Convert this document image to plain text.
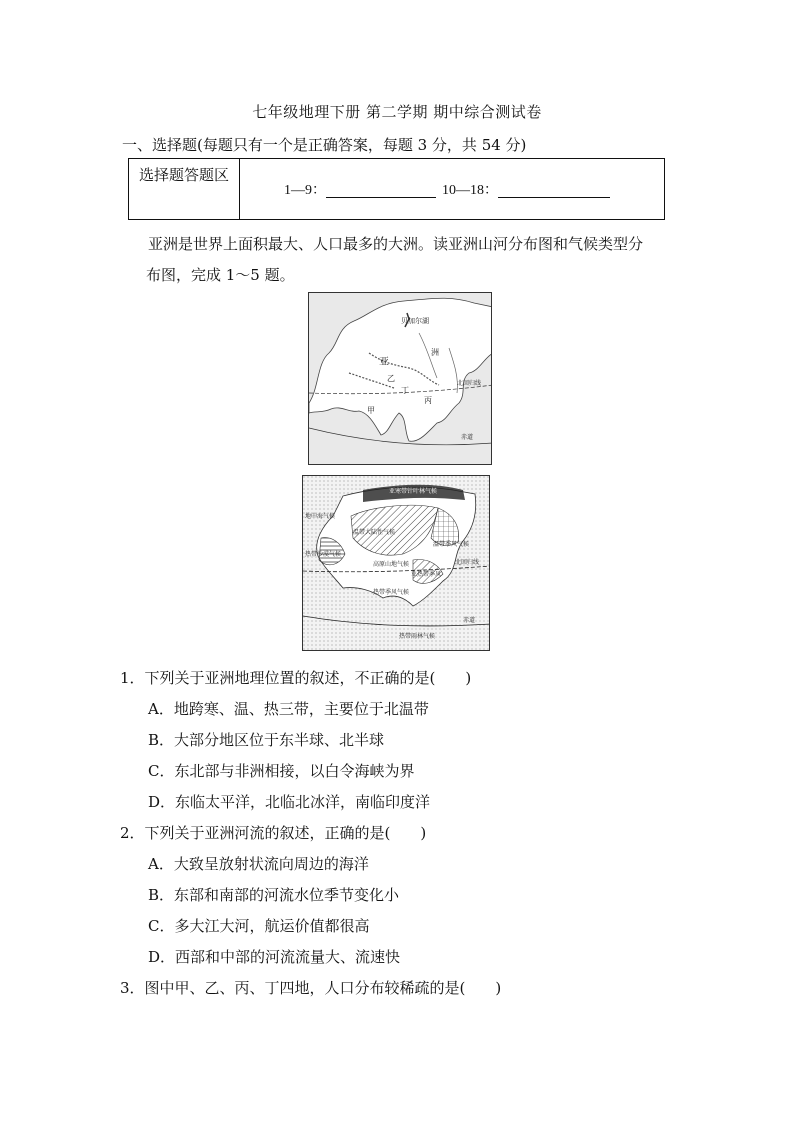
七年级地理下册 第二学期 期中综合测试卷
一、选择题(每题只有一个是正确答案，每题 3 分，共 54 分)
选择题答题区
1—9：	10—18：
亚洲是世界上面积最大、人口最多的大洲。读亚洲山河分布图和气候类型分
布图，完成 1～5 题。
贝加尔湖
亚
洲
乙
丁
丙
甲
北回归线
赤道
亚寒带针叶林气候
地中海气候
温带大陆性气候
温带季风气候
高原山地气候
热带沙漠气候
亚热带季风
热带季风气候
北回归线
热带雨林气候
赤道
1．下列关于亚洲地理位置的叙述，不正确的是(　　)
A．地跨寒、温、热三带，主要位于北温带
B．大部分地区位于东半球、北半球
C．东北部与非洲相接，以白令海峡为界
D．东临太平洋，北临北冰洋，南临印度洋
2．下列关于亚洲河流的叙述，正确的是(　　)
A．大致呈放射状流向周边的海洋
B．东部和南部的河流水位季节变化小
C．多大江大河，航运价值都很高
D．西部和中部的河流流量大、流速快
3．图中甲、乙、丙、丁四地，人口分布较稀疏的是(　　)
